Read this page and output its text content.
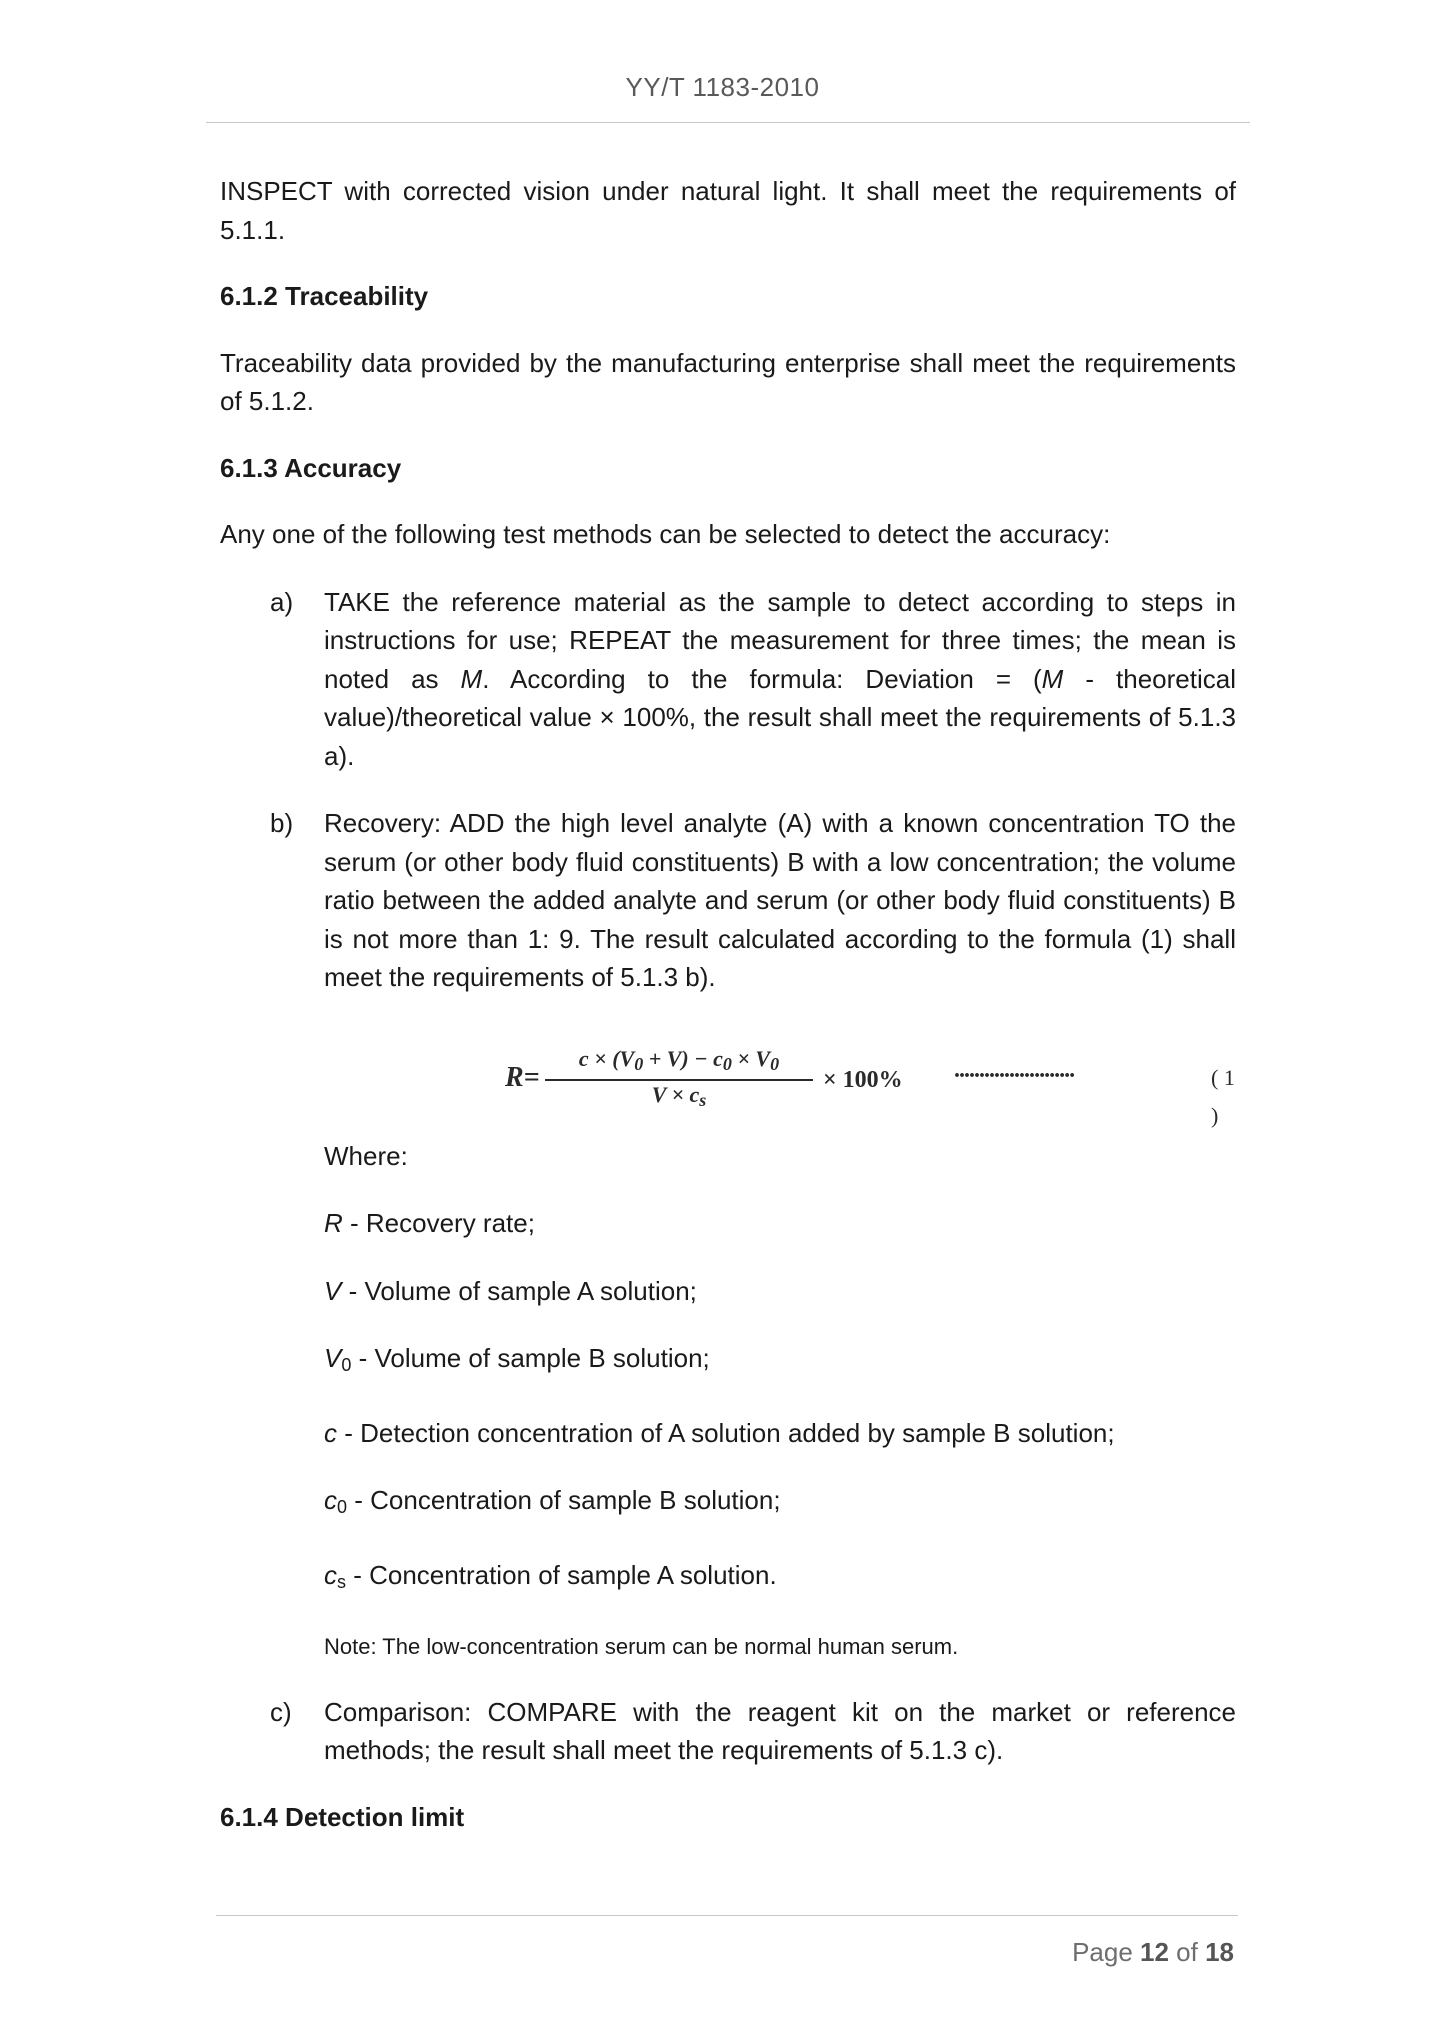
YY/T 1183-2010

INSPECT with corrected vision under natural light. It shall meet the requirements of 5.1.1.

6.1.2 Traceability

Traceability data provided by the manufacturing enterprise shall meet the requirements of 5.1.2.

6.1.3 Accuracy

Any one of the following test methods can be selected to detect the accuracy:

a) TAKE the reference material as the sample to detect according to steps in instructions for use; REPEAT the measurement for three times; the mean is noted as M. According to the formula: Deviation = (M - theoretical value)/theoretical value × 100%, the result shall meet the requirements of 5.1.3 a).
b) Recovery: ADD the high level analyte (A) with a known concentration TO the serum (or other body fluid constituents) B with a low concentration; the volume ratio between the added analyte and serum (or other body fluid constituents) B is not more than 1: 9. The result calculated according to the formula (1) shall meet the requirements of 5.1.3 b).
$R= \frac{c \times (V_0 + V) - c_0 \times V_0}{V \times c_s} \times 100\%$ ························	( 1 )

Where:

R - Recovery rate;

V - Volume of sample A solution;

$V_0$ - Volume of sample B solution;

c - Detection concentration of A solution added by sample B solution;

$c_0$ - Concentration of sample B solution;

$c_s$ - Concentration of sample A solution.

Note: The low-concentration serum can be normal human serum.

c) Comparison: COMPARE with the reagent kit on the market or reference methods; the result shall meet the requirements of 5.1.3 c).

6.1.4 Detection limit

Page 12 of 18
